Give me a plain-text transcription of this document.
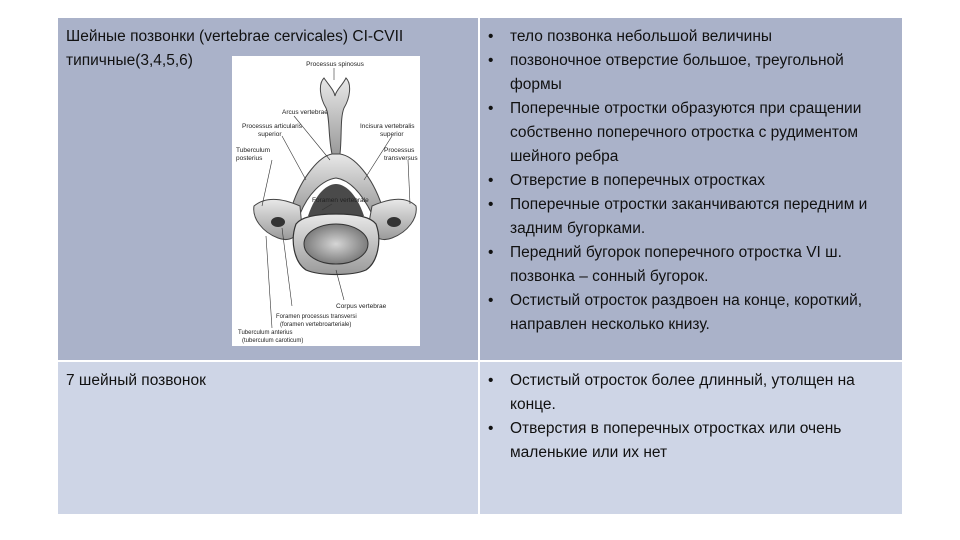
Шейные позвонки (vertebrae cervicales) CI-CVII типичные(3,4,5,6)	Processus spinosus
Arcus vertebrae
Processus articularis
superior
Incisura vertebralis
superior
Tuberculum
posterius
Processus
transversus
Foramen vertebrale
Corpus vertebrae
Foramen processus transversi
(foramen vertebroarteriale)
Tuberculum anterius
(tuberculum caroticum)
• тело позвонка небольшой величины
• позвоночное отверстие большое, треугольной формы
• Поперечные отростки образуются при сращении собственно поперечного отростка с рудиментом шейного ребра
• Отверстие в поперечных отростках
• Поперечные отростки заканчиваются передним и задним бугорками.
• Передний бугорок поперечного отростка VI ш. позвонка – сонный бугорок.
• Остистый отросток раздвоен на конце, короткий, направлен несколько книзу.
7 шейный позвонок
•	Остистый отросток более длинный, утолщен на конце.
• Отверстия в поперечных отростках или очень маленькие или их нет
